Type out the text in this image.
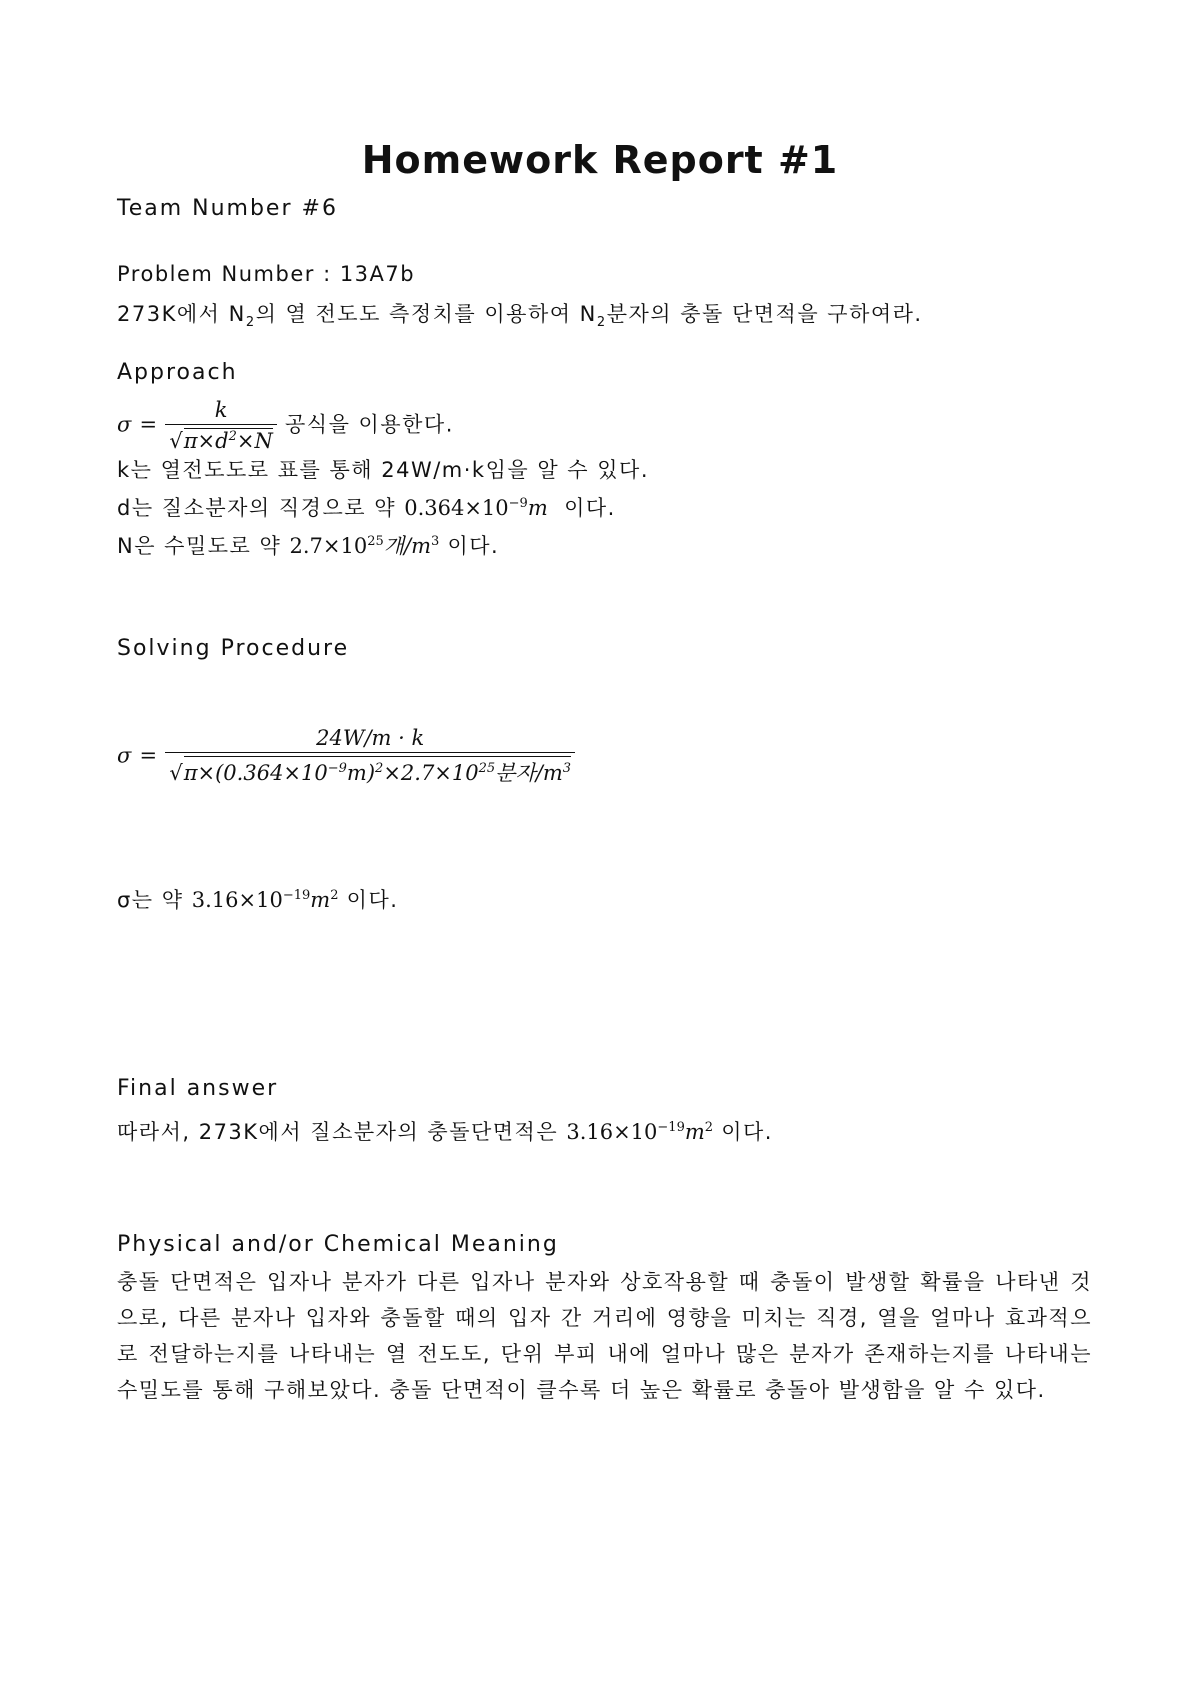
Homework Report #1
Team Number #6
Problem Number : 13A7b
273K에서 $N_2$의 열 전도도 측정치를 이용하여 $N_2$분자의 충돌 단면적을 구하여라.
Approach
$\sigma = \frac{k}{√\pi\times d^2\times N}$ 공식을 이용한다.
k는 열전도도로 표를 통해 24W/m·k임을 알 수 있다.
d는 질소분자의 직경으로 약 $0.364\times 10^{-9}m$ 이다.
N은 수밀도로 약 $2.7\times 10^{25}$개$/m^3$ 이다.
Solving Procedure
$\sigma = \frac{24W/m \cdot k}{√\pi\times(0.364\times 10^{-9}m)^2\times 2.7\times 10^{25}분자/m^3}$
σ는 약 $3.16\times 10^{-19}m^2$ 이다.
Final answer
따라서, 273K에서 질소분자의 충돌단면적은 $3.16\times 10^{-19}m^2$ 이다.
Physical and/or Chemical Meaning
충돌 단면적은 입자나 분자가 다른 입자나 분자와 상호작용할 때 충돌이 발생할 확률을 나타낸 것으로, 다른 분자나 입자와 충돌할 때의 입자 간 거리에 영향을 미치는 직경, 열을 얼마나 효과적으로 전달하는지를 나타내는 열 전도도, 단위 부피 내에 얼마나 많은 분자가 존재하는지를 나타내는 수밀도를 통해 구해보았다. 충돌 단면적이 클수록 더 높은 확률로 충돌아 발생함을 알 수 있다.
